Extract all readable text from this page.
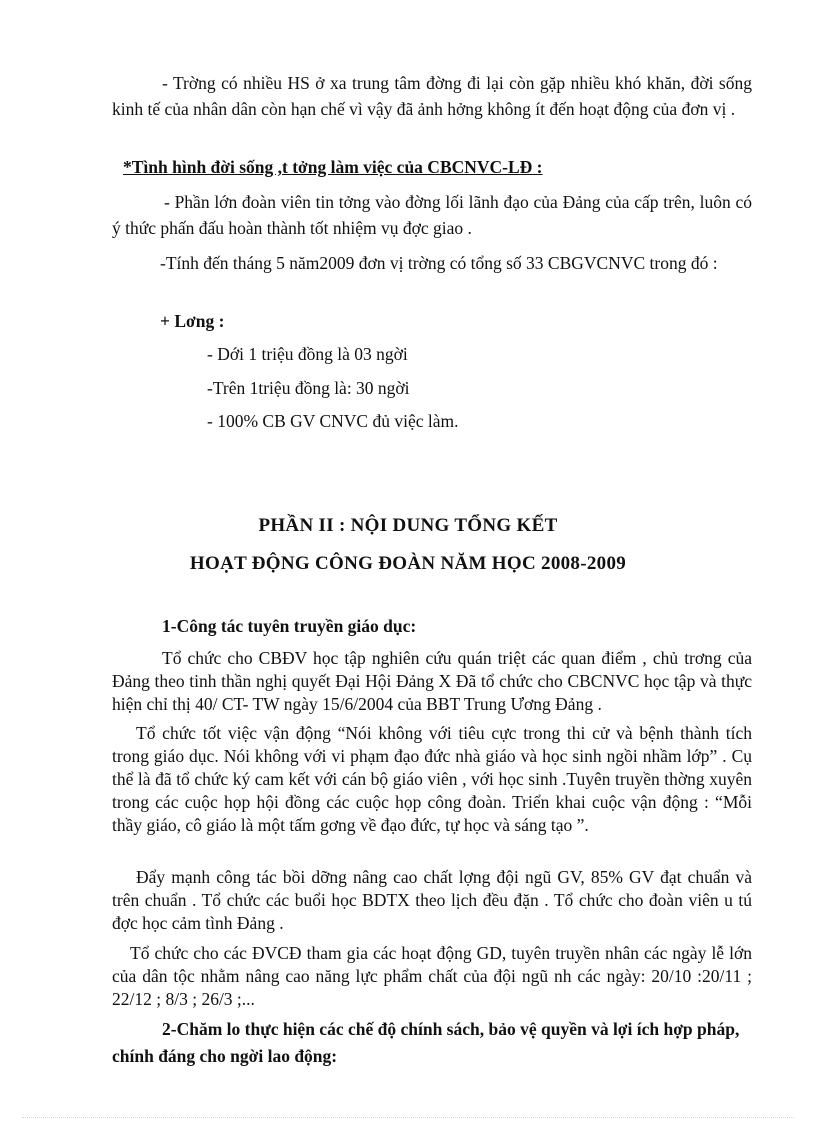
- Trờng có nhiều HS ở xa trung tâm đờng đi lại còn gặp nhiều khó khăn, đời sống kinh tế của nhân dân còn hạn chế vì vậy đã ảnh hởng không ít đến hoạt động của đơn vị .

*Tình hình đời sống ,t tởng làm việc của CBCNVC-LĐ :

- Phần lớn đoàn viên tin tởng vào đờng lối lãnh đạo của Đảng của cấp trên, luôn có ý thức phấn đấu hoàn thành tốt nhiệm vụ đợc giao .

-Tính đến tháng 5 năm2009 đơn vị trờng có tổng số 33 CBGVCNVC trong đó :

+ Lơng :

- Dới 1 triệu đồng là 03 ngời

-Trên 1triệu đồng là: 30 ngời

- 100% CB GV CNVC đủ việc làm.

PHẦN II : NỘI DUNG TỔNG KẾT

HOẠT ĐỘNG CÔNG ĐOÀN NĂM HỌC 2008-2009

1-Công tác tuyên truyền giáo dục:

Tổ chức cho CBĐV học tập nghiên cứu quán triệt các quan điểm , chủ trơng của Đảng theo tinh thần nghị quyết Đại Hội Đảng X Đã tổ chức cho CBCNVC học tập và thực hiện chỉ thị 40/ CT- TW ngày 15/6/2004 của BBT Trung Ương Đảng .

Tổ chức tốt việc vận động “Nói không với tiêu cực trong thi cử và bệnh thành tích trong giáo dục. Nói không với vi phạm đạo đức nhà giáo và học sinh ngồi nhầm lớp” . Cụ thể là đã tổ chức ký cam kết với cán bộ giáo viên , với học sinh .Tuyên truyền thờng xuyên trong các cuộc họp hội đồng các cuộc họp công đoàn. Triển khai cuộc vận động : “Mỗi thầy giáo, cô giáo là một tấm gơng về đạo đức, tự học và sáng tạo ”.

Đẩy mạnh công tác bồi dỡng nâng cao chất lợng đội ngũ GV, 85% GV đạt chuẩn và trên chuẩn . Tổ chức các buổi học BDTX theo lịch đều đặn . Tổ chức cho đoàn viên u tú đợc học cảm tình Đảng .

Tổ chức cho các ĐVCĐ tham gia các hoạt động GD, tuyên truyền nhân các ngày lễ lớn của dân tộc nhằm nâng cao năng lực phẩm chất của đội ngũ nh các ngày: 20/10 :20/11 ; 22/12 ; 8/3 ; 26/3 ;...

2-Chăm lo thực hiện các chế độ chính sách, bảo vệ quyền và lợi ích hợp pháp, chính đáng cho ngời lao động:
